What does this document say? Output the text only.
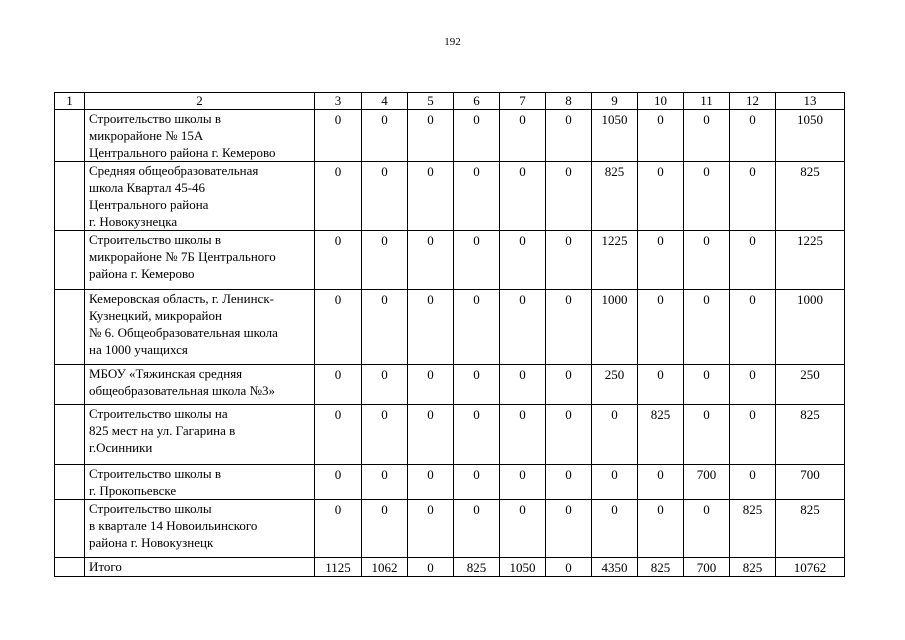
192
1	2	3	4	5	6	7	8	9	10	11	12	13

	Строительство школы в
микрорайоне № 15А
Центрального района г. Кемерово	0	0	0	0	0	0	1050	0	0	0	1050

	Средняя общеобразовательная
школа Квартал 45-46
Центрального района
г. Новокузнецка	0	0	0	0	0	0	825	0	0	0	825

	Строительство школы в
микрорайоне № 7Б Центрального
района г. Кемерово	0	0	0	0	0	0	1225	0	0	0	1225

	Кемеровская область, г. Ленинск-
Кузнецкий, микрорайон
№ 6. Общеобразовательная школа
на 1000 учащихся	0	0	0	0	0	0	1000	0	0	0	1000

	МБОУ «Тяжинская средняя
общеобразовательная школа №3»	0	0	0	0	0	0	250	0	0	0	250

	Строительство школы на
825 мест на ул. Гагарина в
г.Осинники	0	0	0	0	0	0	0	825	0	0	825

	Строительство школы в
г. Прокопьевске	0	0	0	0	0	0	0	0	700	0	700

	Строительство школы
в квартале 14 Новоильинского
района г. Новокузнецк	0	0	0	0	0	0	0	0	0	825	825

	Итого	1125	1062	0	825	1050	0	4350	825	700	825	10762
